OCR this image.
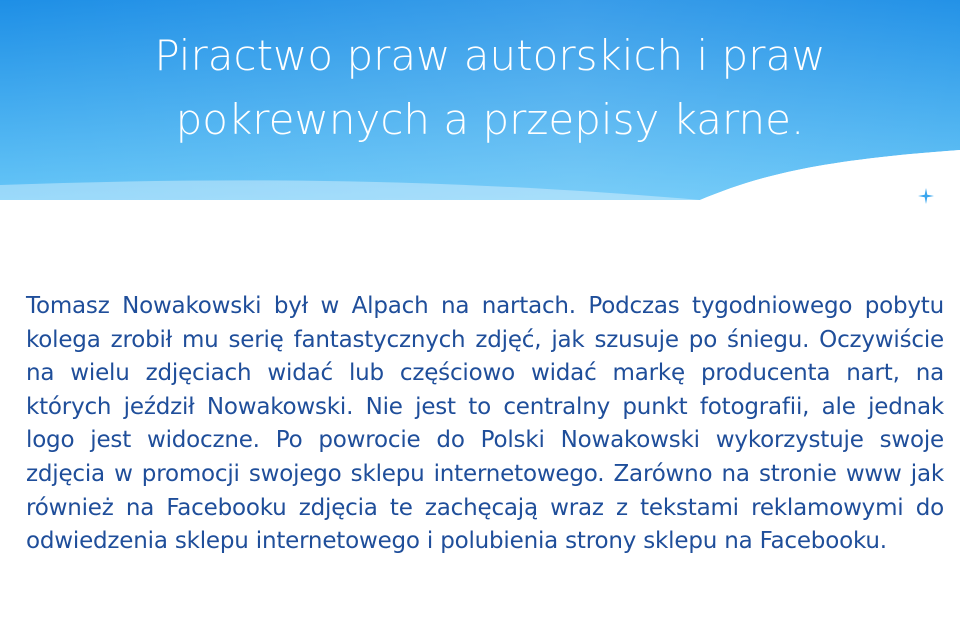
Piractwo praw autorskich i praw
pokrewnych a przepisy karne.
Tomasz Nowakowski był w Alpach na nartach. Podczas tygodniowego pobytu kolega zrobił mu serię fantastycznych zdjęć, jak szusuje po śniegu. Oczywiście na wielu zdjęciach widać lub częściowo widać markę producenta nart, na których jeździł Nowakowski. Nie jest to centralny punkt fotografii, ale jednak logo jest widoczne. Po powrocie do Polski Nowakowski wykorzystuje swoje zdjęcia w promocji swojego sklepu internetowego. Zarówno na stronie www jak również na Facebooku zdjęcia te zachęcają wraz z tekstami reklamowymi do odwiedzenia sklepu internetowego i polubienia strony sklepu na Facebooku.
